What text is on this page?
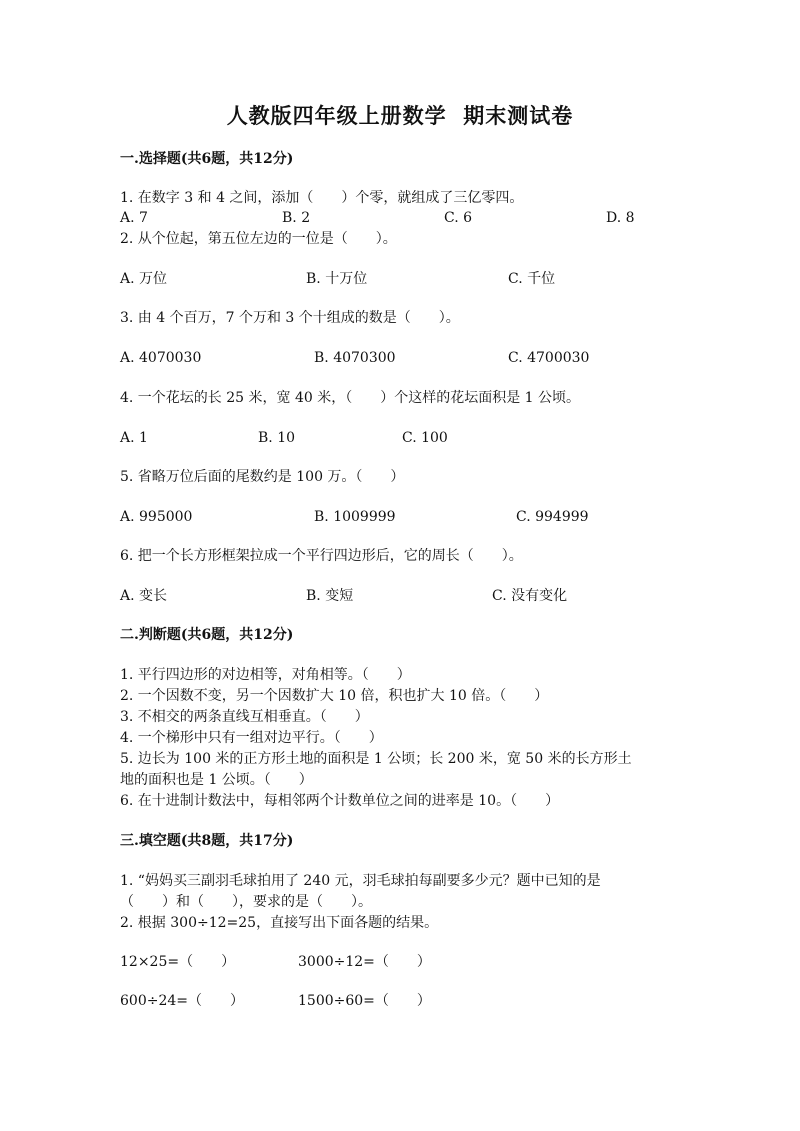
人教版四年级上册数学  期末测试卷
一.选择题(共6题，共12分)
1. 在数字 3 和 4 之间，添加（　　）个零，就组成了三亿零四。
A. 7	B. 2	C. 6	D. 8
2. 从个位起，第五位左边的一位是（　　）。
A. 万位	B. 十万位	C. 千位
3. 由 4 个百万，7 个万和 3 个十组成的数是（　　）。
A. 4070030	B. 4070300	C. 4700030
4. 一个花坛的长 25 米，宽 40 米，（　　）个这样的花坛面积是 1 公顷。
A. 1	B. 10	C. 100
5. 省略万位后面的尾数约是 100 万。（　　）
A. 995000	B. 1009999	C. 994999
6. 把一个长方形框架拉成一个平行四边形后，它的周长（　　）。
A. 变长	B. 变短	C. 没有变化
二.判断题(共6题，共12分)
1. 平行四边形的对边相等，对角相等。（　　）
2. 一个因数不变，另一个因数扩大 10 倍，积也扩大 10 倍。（　　）
3. 不相交的两条直线互相垂直。（　　）
4. 一个梯形中只有一组对边平行。（　　）
5. 边长为 100 米的正方形土地的面积是 1 公顷；长 200 米，宽 50 米的长方形土
地的面积也是 1 公顷。（　　）
6. 在十进制计数法中，每相邻两个计数单位之间的进率是 10。（　　）
三.填空题(共8题，共17分)
1. “妈妈买三副羽毛球拍用了 240 元，羽毛球拍每副要多少元？题中已知的是
（　　）和（　　），要求的是（　　）。
2. 根据 300÷12=25，直接写出下面各题的结果。
12×25=（　　）	3000÷12=（　　）
600÷24=（　　）	1500÷60=（　　）
